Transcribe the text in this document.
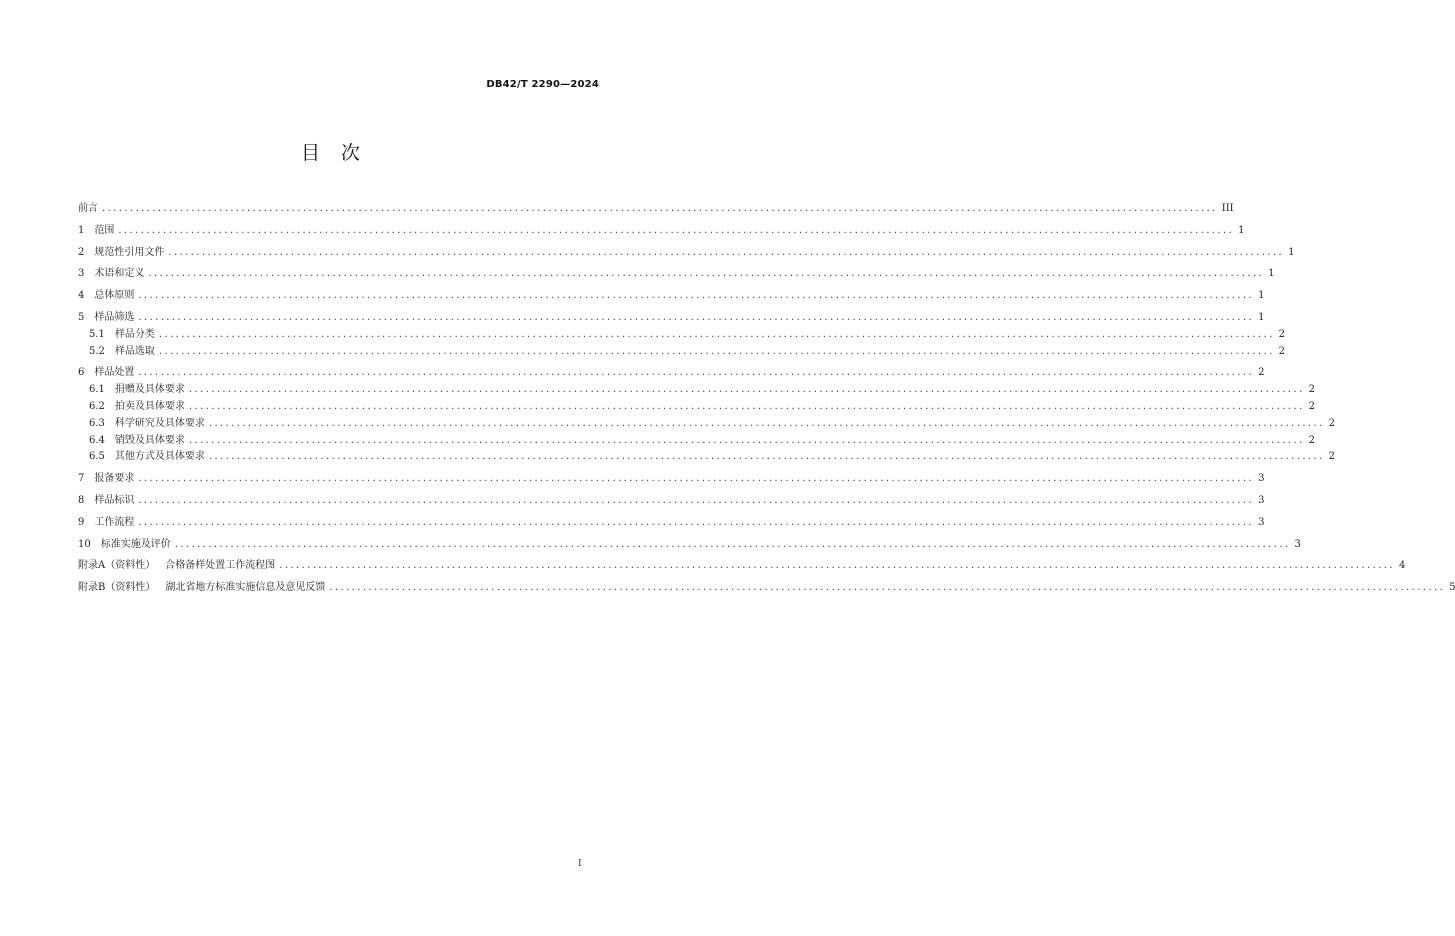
DB42/T 2290—2024
目　次
前言 .....	III
1 范围 .....	1
2 规范性引用文件 .....	1
3 术语和定义 .....	1
4 总体原则 .....	1
5 样品筛选 .....	1
5.1 样品分类 .....	2
5.2 样品选取 .....	2
6 样品处置 .....	2
6.1 捐赠及具体要求 .....	2
6.2 拍卖及具体要求 .....	2
6.3 科学研究及具体要求 .....	2
6.4 销毁及具体要求 .....	2
6.5 其他方式及具体要求 .....	2
7 报备要求 .....	3
8 样品标识 .....	3
9 工作流程 .....	3
10 标准实施及评价 .....	3
附录A（资料性） 合格备样处置工作流程图 .....	4
附录B（资料性） 湖北省地方标准实施信息及意见反馈 .....	5
I
